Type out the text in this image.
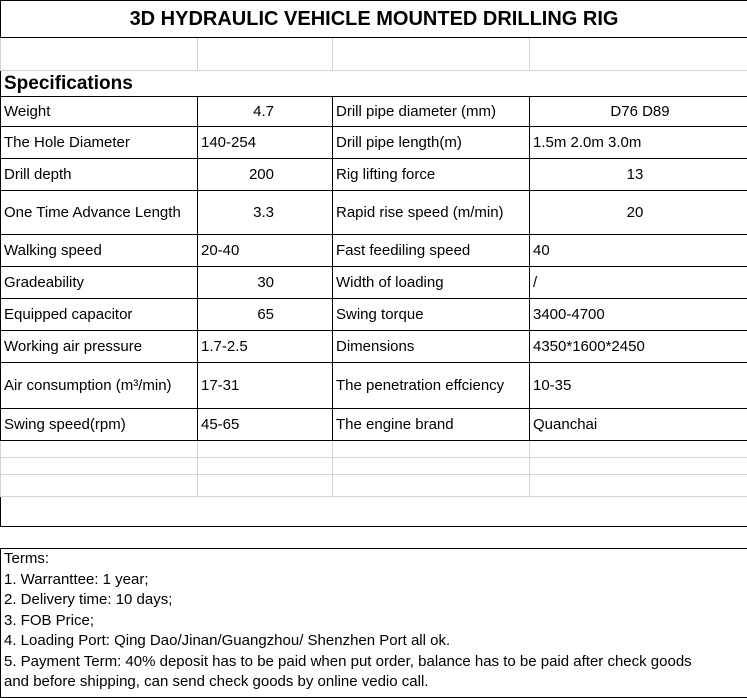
3D HYDRAULIC VEHICLE MOUNTED DRILLING RIG			

Specifications			
Weight	4.7	Drill pipe diameter (mm)	D76 D89
The Hole Diameter	140-254	Drill pipe length(m)	1.5m 2.0m 3.0m
Drill depth	200	Rig lifting force	13
One Time Advance Length	3.3	Rapid rise speed (m/min)	20
Walking speed	20-40	Fast feediling speed	40
Gradeability	30	Width of loading	/
Equipped capacitor	65	Swing torque	3400-4700
Working air pressure	1.7-2.5	Dimensions	4350*1600*2450
Air consumption (m³/min)	17-31	The penetration effciency	10-35
Swing speed(rpm)	45-65	The engine brand	Quanchai

Terms:
1. Warranttee: 1 year;
2. Delivery time: 10 days;
3. FOB Price;
4. Loading Port: Qing Dao/Jinan/Guangzhou/ Shenzhen Port all ok.
5. Payment Term: 40% deposit has to be paid when put order, balance has to be paid after check goods
and before shipping, can send check goods by online vedio call.
